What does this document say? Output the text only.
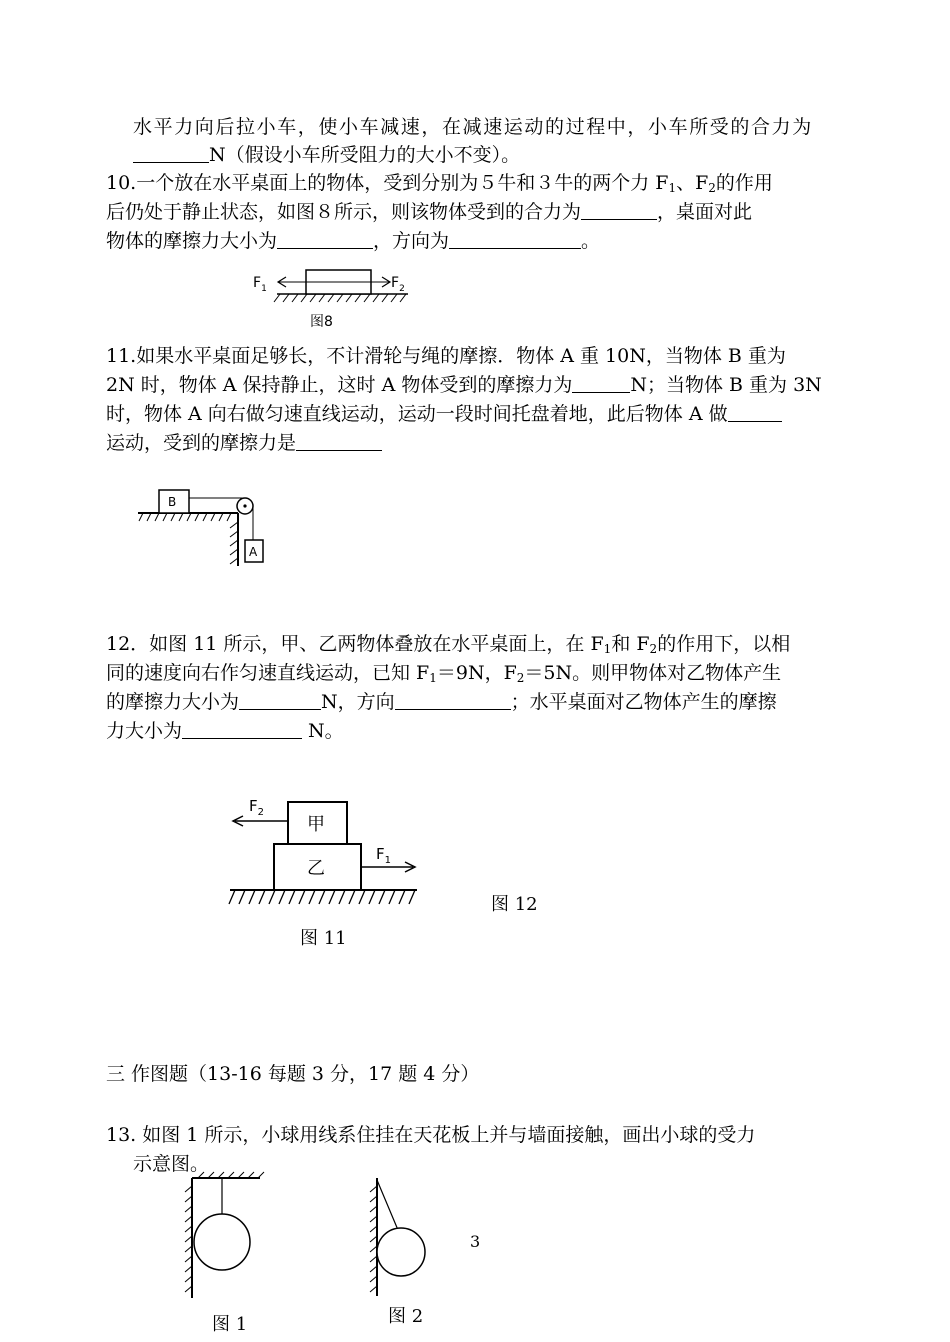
水平力向后拉小车，使小车减速，在减速运动的过程中，小车所受的合力为
N（假设小车所受阻力的大小不变）。
10.一个放在水平桌面上的物体，受到分别为５牛和３牛的两个力 $F_1$、$F_2$的作用
后仍处于静止状态，如图８所示，则该物体受到的合力为	，桌面对此
物体的摩擦力大小为	，方向为	。
$F_1$	$F_2$
图8
11.如果水平桌面足够长，不计滑轮与绳的摩擦．物体 A 重 10N，当物体 B 重为
2N 时，物体 A 保持静止，这时 A 物体受到的摩擦力为	N；当物体 B 重为 3N
时，物体 A 向右做匀速直线运动，运动一段时间托盘着地，此后物体 A 做
运动，受到的摩擦力是
B
A
12．如图 11 所示，甲、乙两物体叠放在水平桌面上，在 $F_1$和 $F_2$的作用下，以相
同的速度向右作匀速直线运动，已知 $F_1=9N$，$F_2=5N$。则甲物体对乙物体产生
的摩擦力大小为	N，方向	；水平桌面对乙物体产生的摩擦
力大小为	N。
甲
乙
$F_2$
$F_1$
图 11
图 12
三 作图题（13-16 每题 3 分，17 题 4 分）
13. 如图 1 所示，小球用线系住挂在天花板上并与墙面接触，画出小球的受力
示意图。
图 1	图 2
3
